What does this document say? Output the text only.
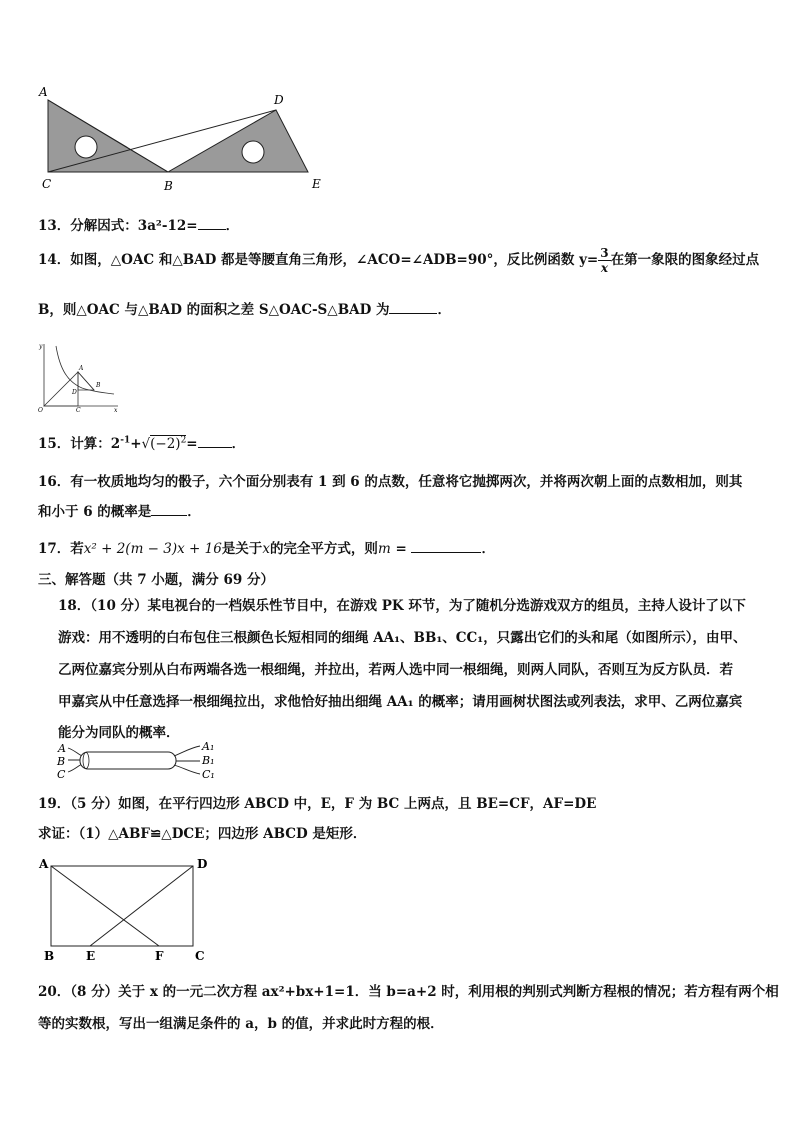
A
C	B
D
E
13．分解因式：3a²-12= ．
14．如图，△OAC 和△BAD 都是等腰直角三角形，∠ACO=∠ADB=90°，反比例函数 $y= \frac{3}{x}$ 在第一象限的图象经过点
B，则△OAC 与△BAD 的面积之差 S△OAC-S△BAD 为	．
y
A
D
B
O	C	x
15．计算：$2^{-1}+√(-2)^2=$	．
16．有一枚质地均匀的骰子，六个面分别表有 1 到 6 的点数，任意将它抛掷两次，并将两次朝上面的点数相加，则其
和小于 6 的概率是	．
17．若x² + 2(m − 3)x + 16是关于x的完全平方式，则m =	．
三、解答题（共 7 小题，满分 69 分）
18．（10 分）某电视台的一档娱乐性节目中，在游戏 PK 环节，为了随机分选游戏双方的组员，主持人设计了以下
游戏：用不透明的白布包住三根颜色长短相同的细绳 AA₁、BB₁、CC₁，只露出它们的头和尾（如图所示），由甲、
乙两位嘉宾分别从白布两端各选一根细绳，并拉出，若两人选中同一根细绳，则两人同队，否则互为反方队员．若
甲嘉宾从中任意选择一根细绳拉出，求他恰好抽出细绳 AA₁ 的概率；请用画树状图法或列表法，求甲、乙两位嘉宾
能分为同队的概率．
A
B
C
A₁
B₁
C₁
19．（5 分）如图，在平行四边形 ABCD 中，E，F 为 BC 上两点，且 BE=CF，AF=DE
求证：（1）△ABF≌△DCE；四边形 ABCD 是矩形．
A	D
B	E	F	C
20．（8 分）关于 x 的一元二次方程 ax²+bx+1=1．当 b=a+2 时，利用根的判别式判断方程根的情况；若方程有两个相
等的实数根，写出一组满足条件的 a，b 的值，并求此时方程的根．
